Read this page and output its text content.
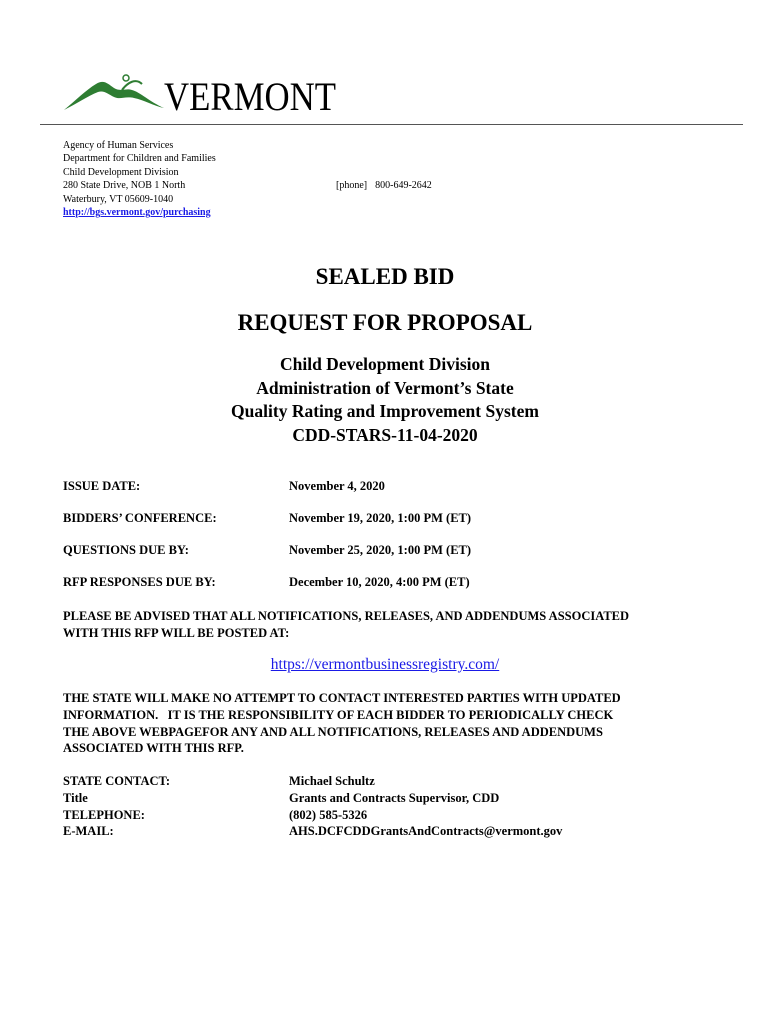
VERMONT
Agency of Human Services
Department for Children and Families
Child Development Division
280 State Drive, NOB 1 North
Waterbury, VT 05609-1040
http://bgs.vermont.gov/purchasing
[phone] 800-649-2642
SEALED BID
REQUEST FOR PROPOSAL
Child Development Division
Administration of Vermont’s State
Quality Rating and Improvement System
CDD-STARS-11-04-2020
ISSUE DATE:	November 4, 2020
BIDDERS’ CONFERENCE:	November 19, 2020, 1:00 PM (ET)
QUESTIONS DUE BY:	November 25, 2020, 1:00 PM (ET)
RFP RESPONSES DUE BY:	December 10, 2020, 4:00 PM (ET)
PLEASE BE ADVISED THAT ALL NOTIFICATIONS, RELEASES, AND ADDENDUMS ASSOCIATED
WITH THIS RFP WILL BE POSTED AT:
https://vermontbusinessregistry.com/
THE STATE WILL MAKE NO ATTEMPT TO CONTACT INTERESTED PARTIES WITH UPDATED
INFORMATION.   IT IS THE RESPONSIBILITY OF EACH BIDDER TO PERIODICALLY CHECK
THE ABOVE WEBPAGEFOR ANY AND ALL NOTIFICATIONS, RELEASES AND ADDENDUMS
ASSOCIATED WITH THIS RFP.
STATE CONTACT:	Michael Schultz
Title	Grants and Contracts Supervisor, CDD
TELEPHONE:	(802) 585-5326
E-MAIL:	AHS.DCFCDDGrantsAndContracts@vermont.gov
